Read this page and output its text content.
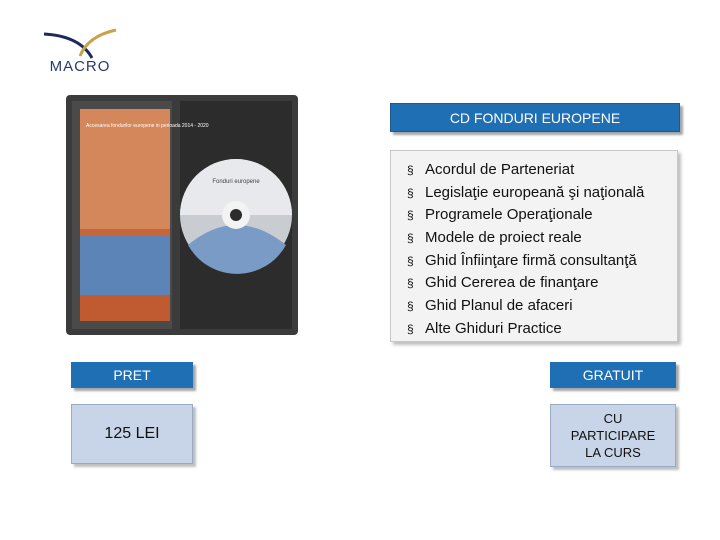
MACRO
Accesarea fondurilor europene in perioada 2014 - 2020
Fonduri europene
CD FONDURI EUROPENE
§ Acordul de Parteneriat
§ Legislaţie europeană şi naţională
§ Programele Operaţionale
§ Modele de proiect reale
§ Ghid Înfiinţare firmă consultanţă
§ Ghid Cererea de finanţare
§ Ghid Planul de afaceri
§ Alte Ghiduri Practice
PRET
125 LEI
GRATUIT
CU
PARTICIPARE
LA CURS
